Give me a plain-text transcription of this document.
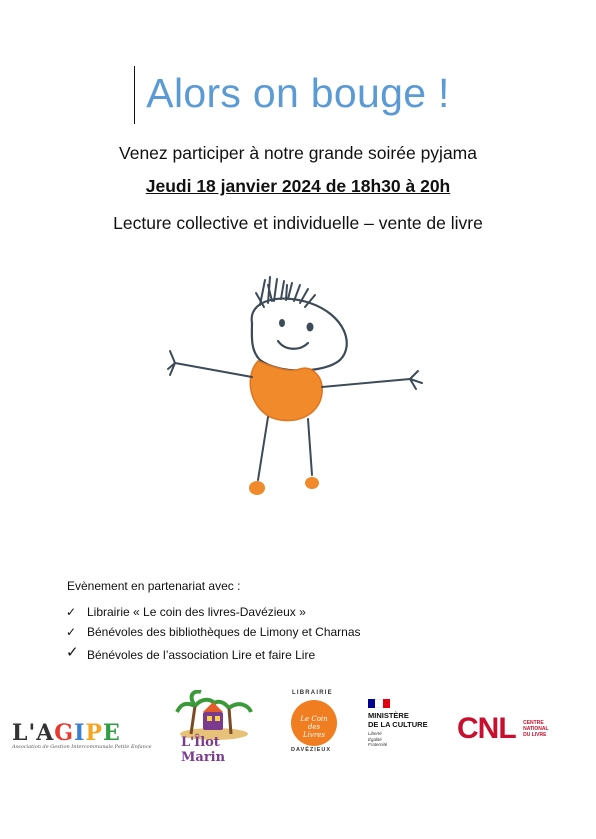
Alors on bouge !
Venez participer à notre grande soirée pyjama
Jeudi 18 janvier 2024 de 18h30 à 20h
Lecture collective et individuelle – vente de livre
Evènement en partenariat avec :
✓ Librairie « Le coin des livres-Davézieux »
✓ Bénévoles des bibliothèques de Limony et Charnas
✓ Bénévoles de l’association Lire et faire Lire
L'AGIPE
Association de Gestion Intercommunale Petite Enfance L'Îlot Marin
LIBRAIRIE
Le Coin
des
Livres
DAVÉZIEUX
MINISTÈRE
DE LA CULTURE
Liberté
Égalité
Fraternité	CNL CENTRE
NATIONAL
DU LIVRE
